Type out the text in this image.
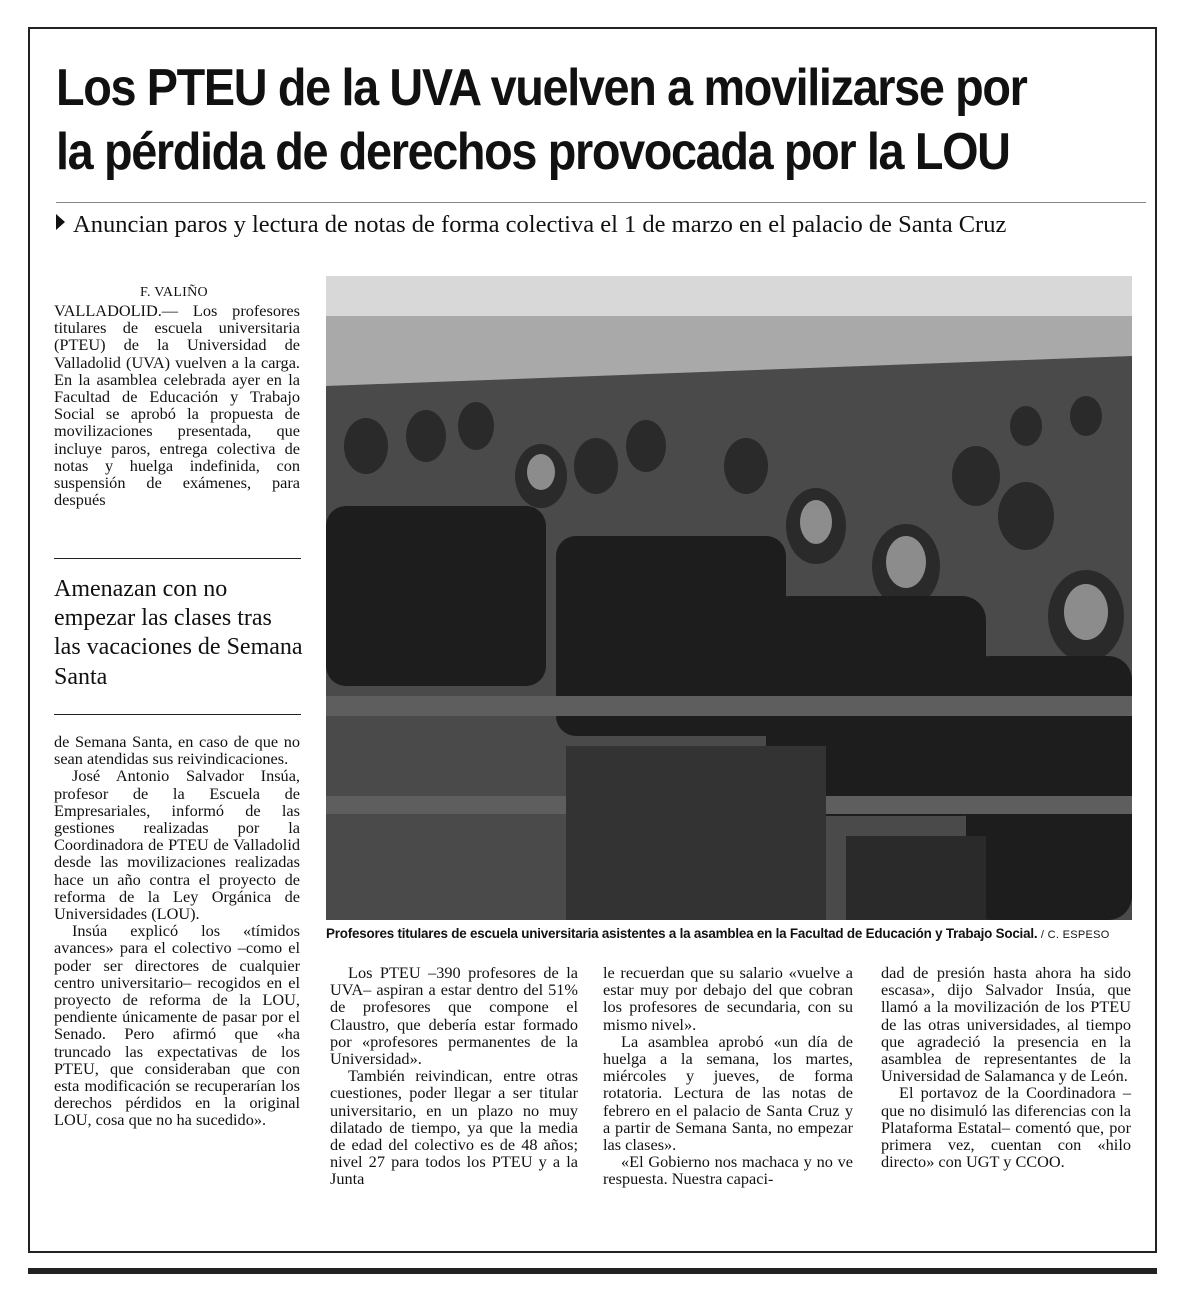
Los PTEU de la UVA vuelven a movilizarse por
la pérdida de derechos provocada por la LOU
Anuncian paros y lectura de notas de forma colectiva el 1 de marzo en el palacio de Santa Cruz
F. VALIÑO

VALLADOLID.— Los profesores titulares de escuela universitaria (PTEU) de la Universidad de Valladolid (UVA) vuelven a la carga. En la asamblea celebrada ayer en la Facultad de Educación y Trabajo Social se aprobó la propuesta de movilizaciones presentada, que incluye paros, entrega colectiva de notas y huelga indefinida, con suspensión de exámenes, para después

Amenazan con no empezar las clases tras las vacaciones de Semana Santa

de Semana Santa, en caso de que no sean atendidas sus reivindicaciones.

José Antonio Salvador Insúa, profesor de la Escuela de Empresariales, informó de las gestiones realizadas por la Coordinadora de PTEU de Valladolid desde las movilizaciones realizadas hace un año contra el proyecto de reforma de la Ley Orgánica de Universidades (LOU).

Insúa explicó los «tímidos avances» para el colectivo –como el poder ser directores de cualquier centro universitario– recogidos en el proyecto de reforma de la LOU, pendiente únicamente de pasar por el Senado. Pero afirmó que «ha truncado las expectativas de los PTEU, que consideraban que con esta modificación se recuperarían los derechos pérdidos en la original LOU, cosa que no ha sucedido».

Profesores titulares de escuela universitaria asistentes a la asamblea en la Facultad de Educación y Trabajo Social. / C. ESPESO

Los PTEU –390 profesores de la UVA– aspiran a estar dentro del 51% de profesores que compone el Claustro, que debería estar formado por «profesores permanentes de la Universidad».

También reivindican, entre otras cuestiones, poder llegar a ser titular universitario, en un plazo no muy dilatado de tiempo, ya que la media de edad del colectivo es de 48 años; nivel 27 para todos los PTEU y a la Junta

le recuerdan que su salario «vuelve a estar muy por debajo del que cobran los profesores de secundaria, con su mismo nivel».

La asamblea aprobó «un día de huelga a la semana, los martes, miércoles y jueves, de forma rotatoria. Lectura de las notas de febrero en el palacio de Santa Cruz y a partir de Semana Santa, no empezar las clases».

«El Gobierno nos machaca y no ve respuesta. Nuestra capaci-

dad de presión hasta ahora ha sido escasa», dijo Salvador Insúa, que llamó a la movilización de los PTEU de las otras universidades, al tiempo que agradeció la presencia en la asamblea de representantes de la Universidad de Salamanca y de León.

El portavoz de la Coordinadora –que no disimuló las diferencias con la Plataforma Estatal– comentó que, por primera vez, cuentan con «hilo directo» con UGT y CCOO.
